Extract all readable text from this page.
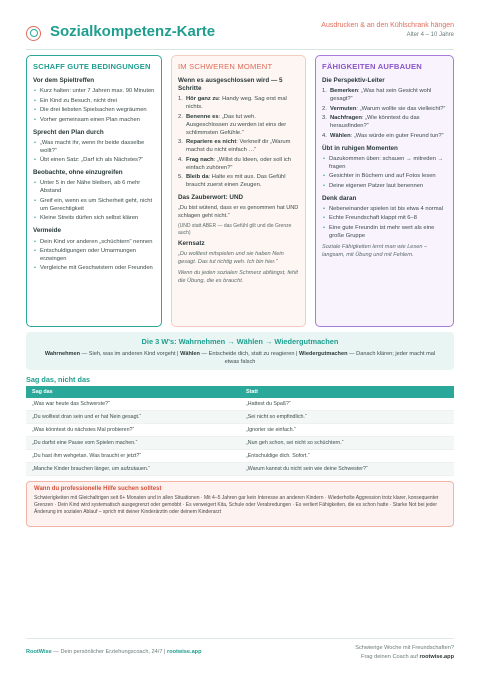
Sozialkompetenz-Karte	Ausdrucken & an den Kühlschrank hängen
Alter 4 – 10 Jahre
SCHAFF GUTE BEDINGUNGEN
Vor dem Spieltreffen
• Kurz halten: unter 7 Jahren max. 90 Minuten
• Ein Kind zu Besuch, nicht drei
• Die drei liebsten Spielsachen wegräumen
• Vorher gemeinsam einen Plan machen
Sprecht den Plan durch
• „Was macht ihr, wenn ihr beide dasselbe wollt?“
• Übt einen Satz: „Darf ich als Nächstes?“
Beobachte, ohne einzugreifen
• Unter 5 in der Nähe bleiben, ab 6 mehr Abstand
• Greif ein, wenn es um Sicherheit geht, nicht um Gerechtigkeit
• Kleine Streits dürfen sich selbst klären
Vermeide
• Dein Kind vor anderen „schüchtern“ nennen
• Entschuldigungen oder Umarmungen erzwingen
• Vergleiche mit Geschwistern oder Freunden
IM SCHWEREN MOMENT
Wenn es ausgeschlossen wird — 5 Schritte
1. Hör ganz zu: Handy weg. Sag erst mal nichts.
2. Benenne es: „Das tut weh. Ausgeschlossen zu werden ist eins der schlimmsten Gefühle.“
3. Repariere es nicht: Verkneif dir „Warum machst du nicht einfach …“
4. Frag nach: „Willst du Ideen, oder soll ich einfach zuhören?“
5. Bleib da: Halte es mit aus. Das Gefühl braucht zuerst einen Zeugen.
Das Zauberwort: UND
„Du bist wütend, dass er es genommen hat UND schlagen geht nicht.“
(UND statt ABER — das Gefühl gilt und die Grenze auch)
Kernsatz
„Du wolltest mitspielen und sie haben Nein gesagt. Das tut richtig weh. Ich bin hier.“
Wenn du jeden sozialen Schmerz abfängst, fehlt die Übung, die es braucht.
FÄHIGKEITEN AUFBAUEN
Die Perspektiv-Leiter
1. Bemerken: „Was hat sein Gesicht wohl gesagt?“
2. Vermuten: „Warum wollte sie das vielleicht?“
3. Nachfragen: „Wie könntest du das herausfinden?“
4. Wählen: „Was würde ein guter Freund tun?“
Übt in ruhigen Momenten
• Dazukommen üben: schauen → mitreden → fragen
• Gesichter in Büchern und auf Fotos lesen
• Deine eigenen Patzer laut benennen
Denk daran
• Nebeneinander spielen ist bis etwa 4 normal
• Echte Freundschaft klappt mit 6–8
• Eine gute Freundin ist mehr wert als eine große Gruppe
Soziale Fähigkeiten lernt man wie Lesen – langsam, mit Übung und mit Fehlern.
Die 3 W's: Wahrnehmen → Wählen → Wiedergutmachen
Wahrnehmen — Sieh, was im anderen Kind vorgeht | Wählen — Entscheide dich, statt zu reagieren | Wiedergutmachen — Danach klären; jeder macht mal etwas falsch
Sag das, nicht das
Sag das	Statt
„Was war heute das Schwerste?“	„Hattest du Spaß?“
„Du wolltest dran sein und er hat Nein gesagt.“	„Sei nicht so empfindlich.“
„Was könntest du nächstes Mal probieren?“	„Ignorier sie einfach.“
„Du darfst eine Pause vom Spielen machen.“	„Nun geh schon, sei nicht so schüchtern.“
„Du hast ihm wehgetan. Was braucht er jetzt?“	„Entschuldige dich. Sofort.“
„Manche Kinder brauchen länger, um aufzutauen.“	„Warum kannst du nicht sein wie deine Schwester?“
Wann du professionelle Hilfe suchen solltest
Schwierigkeiten mit Gleichaltrigen seit 6+ Monaten und in allen Situationen · Mit 4–5 Jahren gar kein Interesse an anderen Kindern · Wiederholte Aggression trotz klarer, konsequenter Grenzen · Dein Kind wird systematisch ausgegrenzt oder gemobbt · Es verweigert Kita, Schule oder Verabredungen · Es verliert Fähigkeiten, die es schon hatte · Starke Not bei jeder Änderung im sozialen Ablauf – sprich mit deiner Kinderärztin oder deinem Kinderarzt
RootWise — Dein persönlicher Erziehungscoach, 24/7 | rootwise.app
Schwierige Woche mit Freundschaften?
Frag deinen Coach auf rootwise.app
